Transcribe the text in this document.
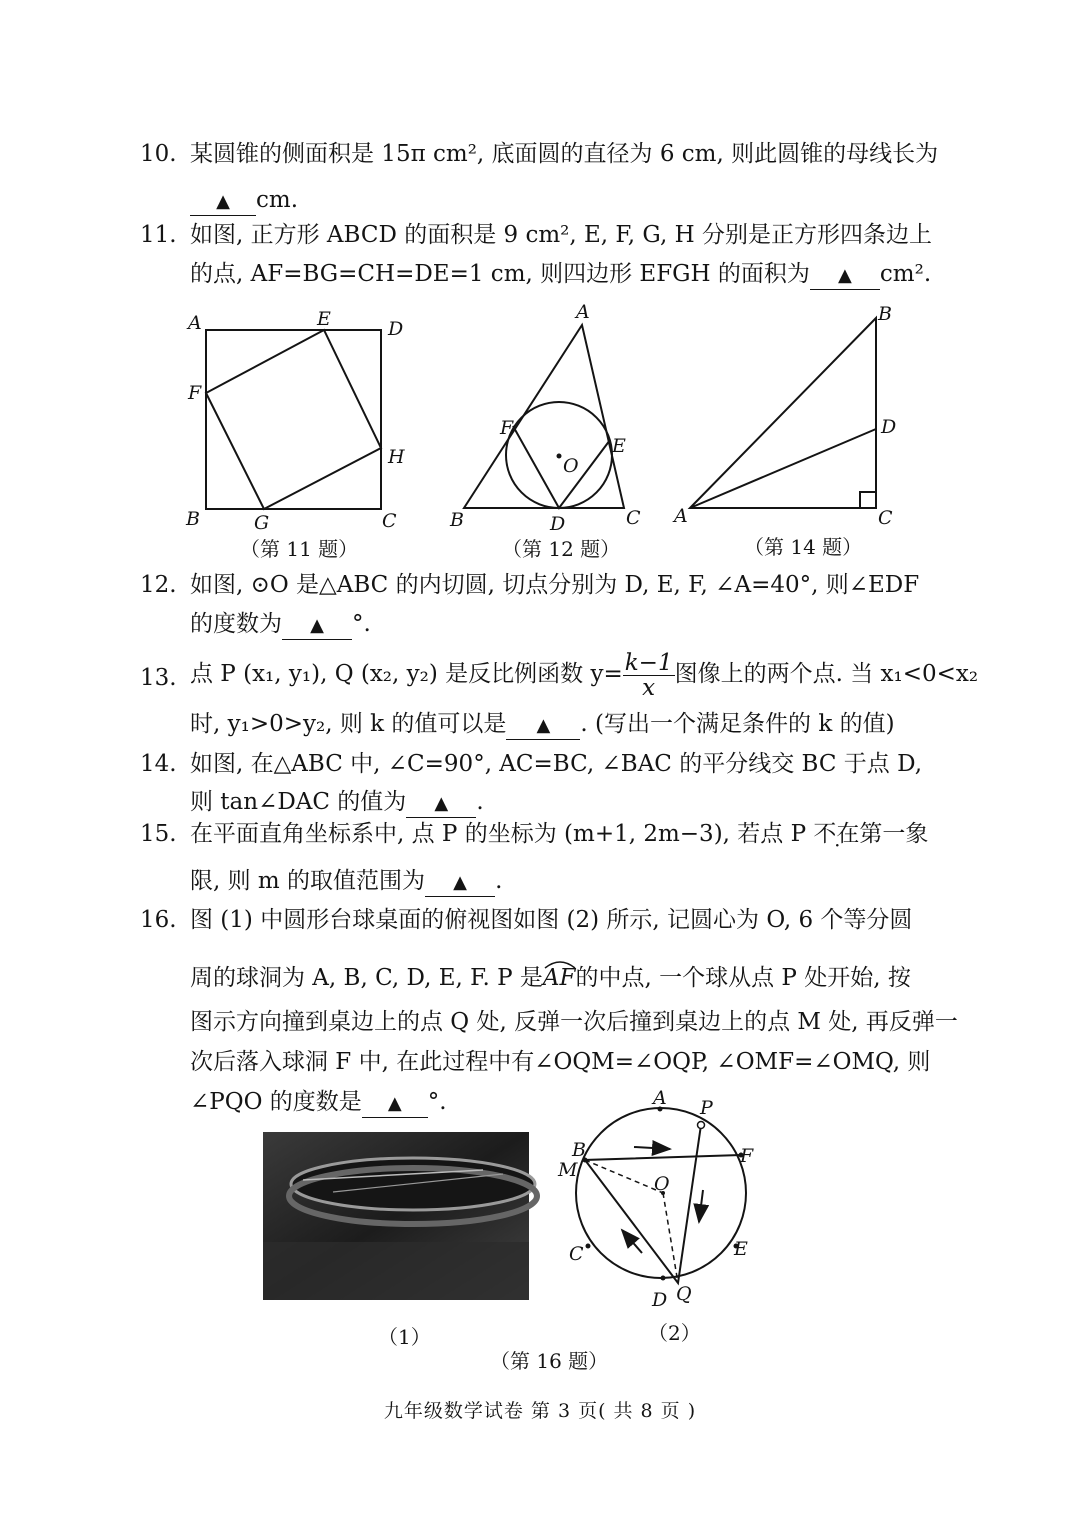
10. 某圆锥的侧面积是 15π cm², 底面圆的直径为 6 cm, 则此圆锥的母线长为
▲ cm.
11. 如图, 正方形 ABCD 的面积是 9 cm², E, F, G, H 分别是正方形四条边上
的点, AF=BG=CH=DE=1 cm, 则四边形 EFGH 的面积为 ▲ cm².
A	E	D
F
H
B	G	C
（第 11 题）
A
F
E
O
B	D	C
（第 12 题）
B
D
A	C
（第 14 题）
12. 如图, ⊙O 是△ABC 的内切圆, 切点分别为 D, E, F, ∠A=40°, 则∠EDF
的度数为 ▲ °.
13. 点 P (x₁, y₁), Q (x₂, y₂) 是反比例函数 $y= \frac{k-1}{x}$ 图像上的两个点. 当 x₁<0<x₂
时, y₁>0>y₂, 则 k 的值可以是 ▲ . (写出一个满足条件的 k 的值)
14. 如图, 在△ABC 中, ∠C=90°, AC=BC, ∠BAC 的平分线交 BC 于点 D,
则 tan∠DAC 的值为 ▲ .
15. 在平面直角坐标系中, 点 P 的坐标为 (m+1, 2m−3), 若点 P 不在第一象
限, 则 m 的取值范围为 ▲ .
16. 图 (1) 中圆形台球桌面的俯视图如图 (2) 所示, 记圆心为 O, 6 个等分圆
周的球洞为 A, B, C, D, E, F. P 是AF
的中点, 一个球从点 P 处开始, 按
图示方向撞到桌边上的点 Q 处, 反弹一次后撞到桌边上的点 M 处, 再反弹一
次后落入球洞 F 中, 在此过程中有∠OQM=∠OQP, ∠OMF=∠OMQ, 则
∠PQO 的度数是 ▲ °.
（1）
A P
B
M
F
O
C	E
D Q
（2）
（第 16 题）
九年级数学试卷 第 3 页( 共 8 页 )
